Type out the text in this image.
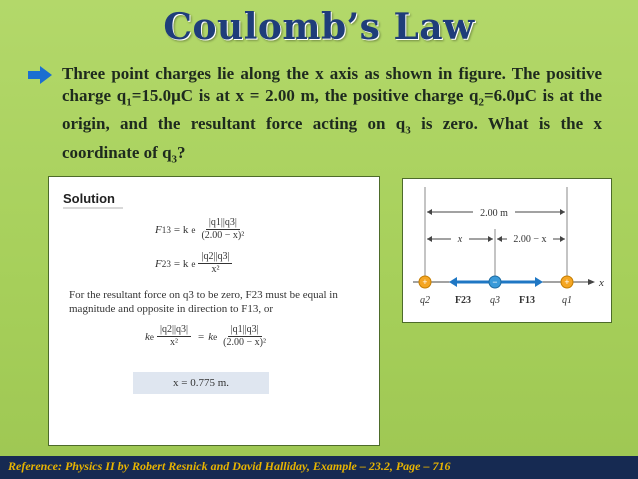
Coulomb’s Law
Three point charges lie along the x axis as shown in figure. The positive charge $q_1=15.0\mu C$ is at x = 2.00 m, the positive charge $q_2=6.0\mu C$ is at the origin, and the resultant force acting on $q_3$ is zero. What is the x coordinate of $q_3$?
Solution
F 13 = k e $\frac{|q1||q3|}{\text{(2.00 − x)²}}$
F 23 = k e $\frac{|q2||q3|}{\text{x²}}$
For the resultant force on q3 to be zero, F23 must be equal in magnitude and opposite in direction to F13, or
k e $\frac{|q2||q3|}{\text{x²}} = k$ e $\frac{|q1||q3|}{\text{(2.00 − x)²}}$
x = 0.775 m.
2.00 m
x	2.00 − x
x
+	−	+
q2 F23 q3 F13	q1
Reference: Physics II by Robert Resnick and David Halliday, Example – 23.2, Page – 716
